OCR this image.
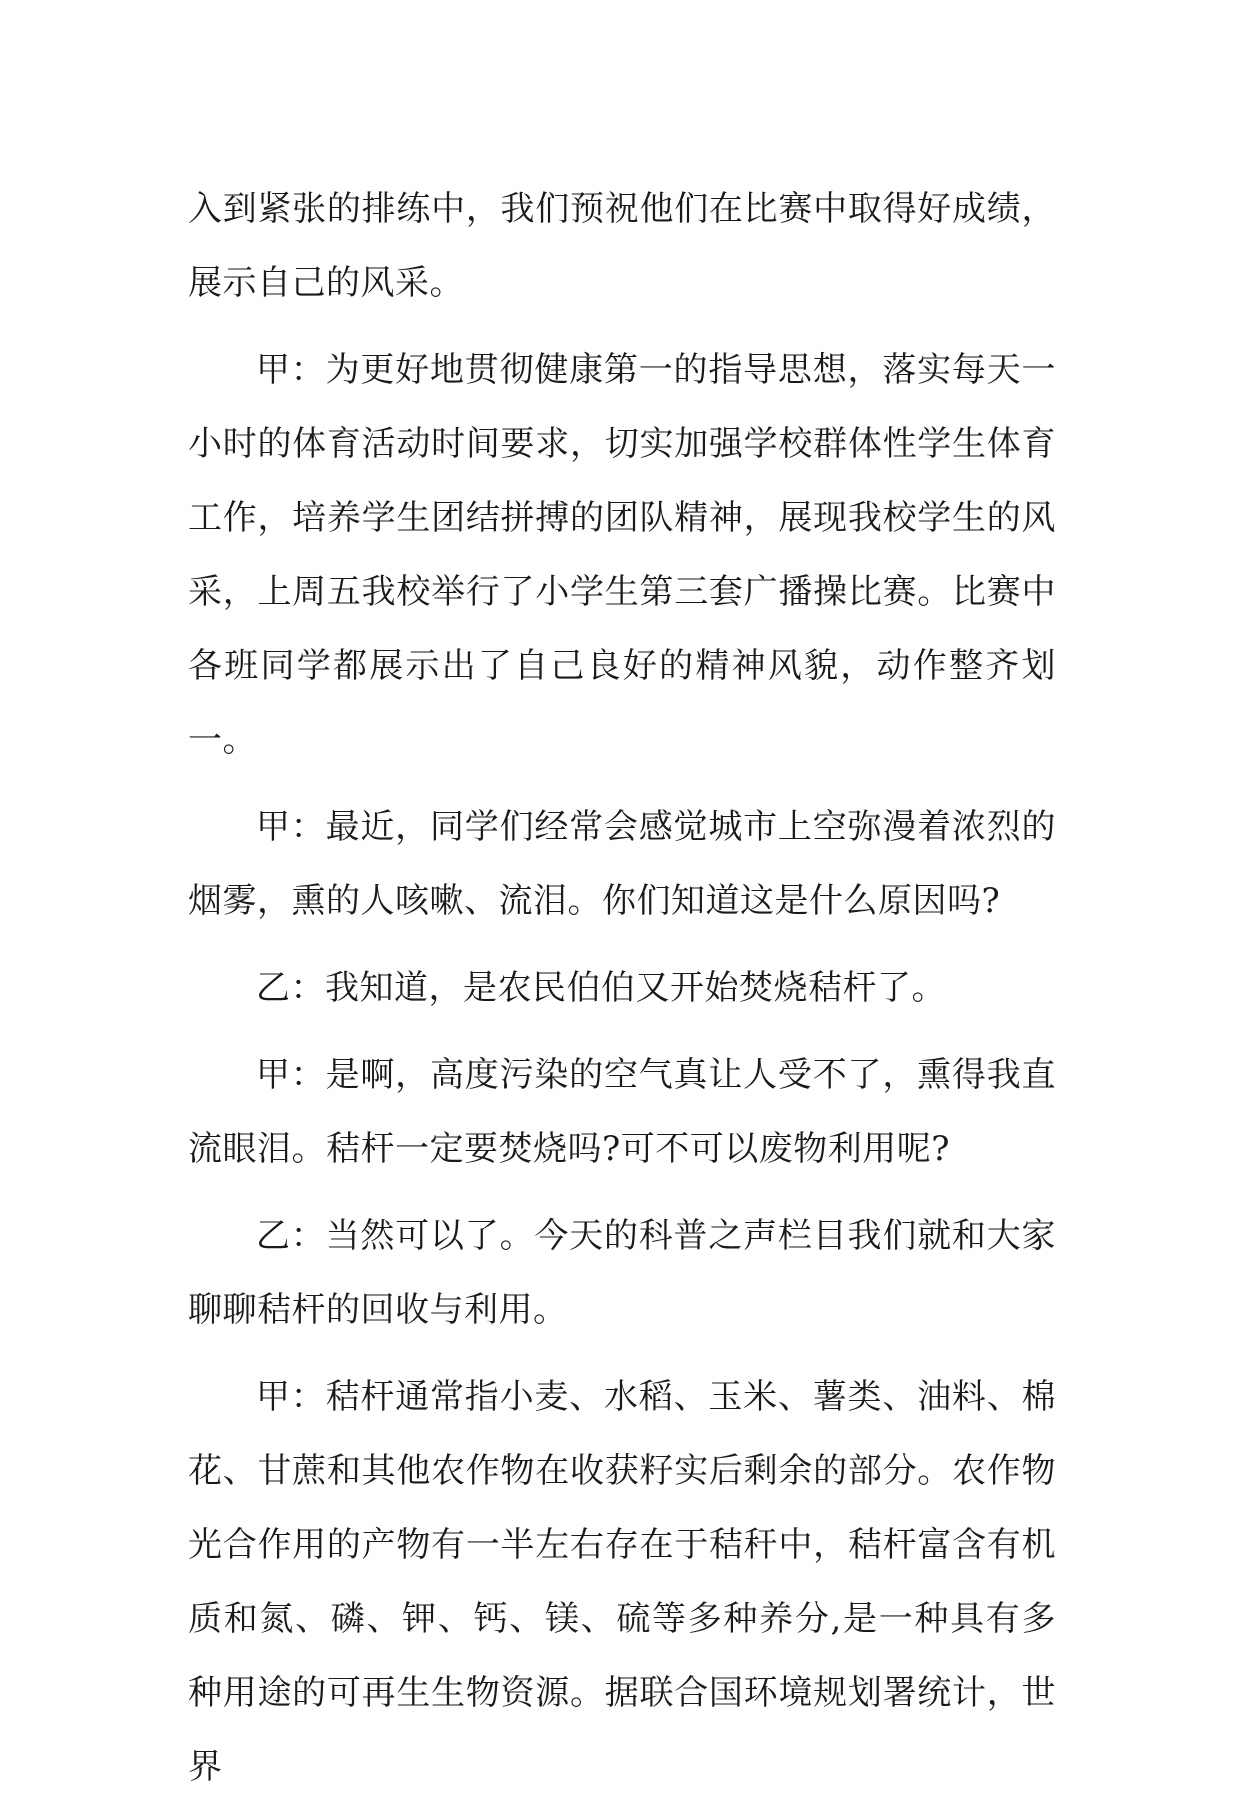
入到紧张的排练中，我们预祝他们在比赛中取得好成绩，展示自己的风采。

甲：为更好地贯彻健康第一的指导思想，落实每天一小时的体育活动时间要求，切实加强学校群体性学生体育工作，培养学生团结拼搏的团队精神，展现我校学生的风采，上周五我校举行了小学生第三套广播操比赛。比赛中各班同学都展示出了自己良好的精神风貌，动作整齐划一。

甲：最近，同学们经常会感觉城市上空弥漫着浓烈的烟雾，熏的人咳嗽、流泪。你们知道这是什么原因吗?

乙：我知道，是农民伯伯又开始焚烧秸杆了。

甲：是啊，高度污染的空气真让人受不了，熏得我直流眼泪。秸杆一定要焚烧吗?可不可以废物利用呢?

乙：当然可以了。今天的科普之声栏目我们就和大家聊聊秸杆的回收与利用。

甲：秸杆通常指小麦、水稻、玉米、薯类、油料、棉花、甘蔗和其他农作物在收获籽实后剩余的部分。农作物光合作用的产物有一半左右存在于秸秆中，秸杆富含有机质和氮、磷、钾、钙、镁、硫等多种养分,是一种具有多种用途的可再生生物资源。据联合国环境规划署统计，世界
